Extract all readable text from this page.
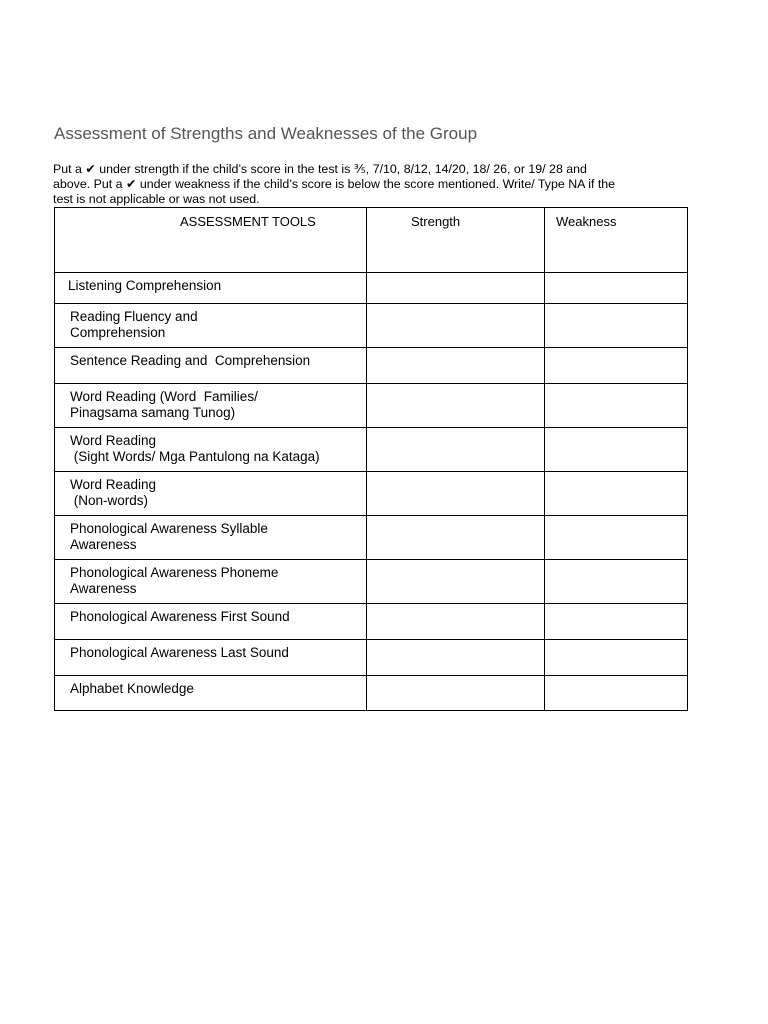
Assessment of Strengths and Weaknesses of the Group

Put a ✔ under strength if the child’s score in the test is ⅗, 7/10, 8/12, 14/20, 18/ 26, or 19/ 28 and

above. Put a ✔ under weakness if the child’s score is below the score mentioned. Write/ Type NA if the

test is not applicable or was not used.

ASSESSMENT TOOLS	Strength	Weakness

Listening Comprehension		

Reading Fluency and
Comprehension		

Sentence Reading and  Comprehension		

Word Reading (Word  Families/
Pinagsama samang Tunog)		

Word Reading
(Sight Words/ Mga Pantulong na Kataga)		

Word Reading
(Non-words)		

Phonological Awareness Syllable
Awareness		

Phonological Awareness Phoneme
Awareness		

Phonological Awareness First Sound		

Phonological Awareness Last Sound		

Alphabet Knowledge		
